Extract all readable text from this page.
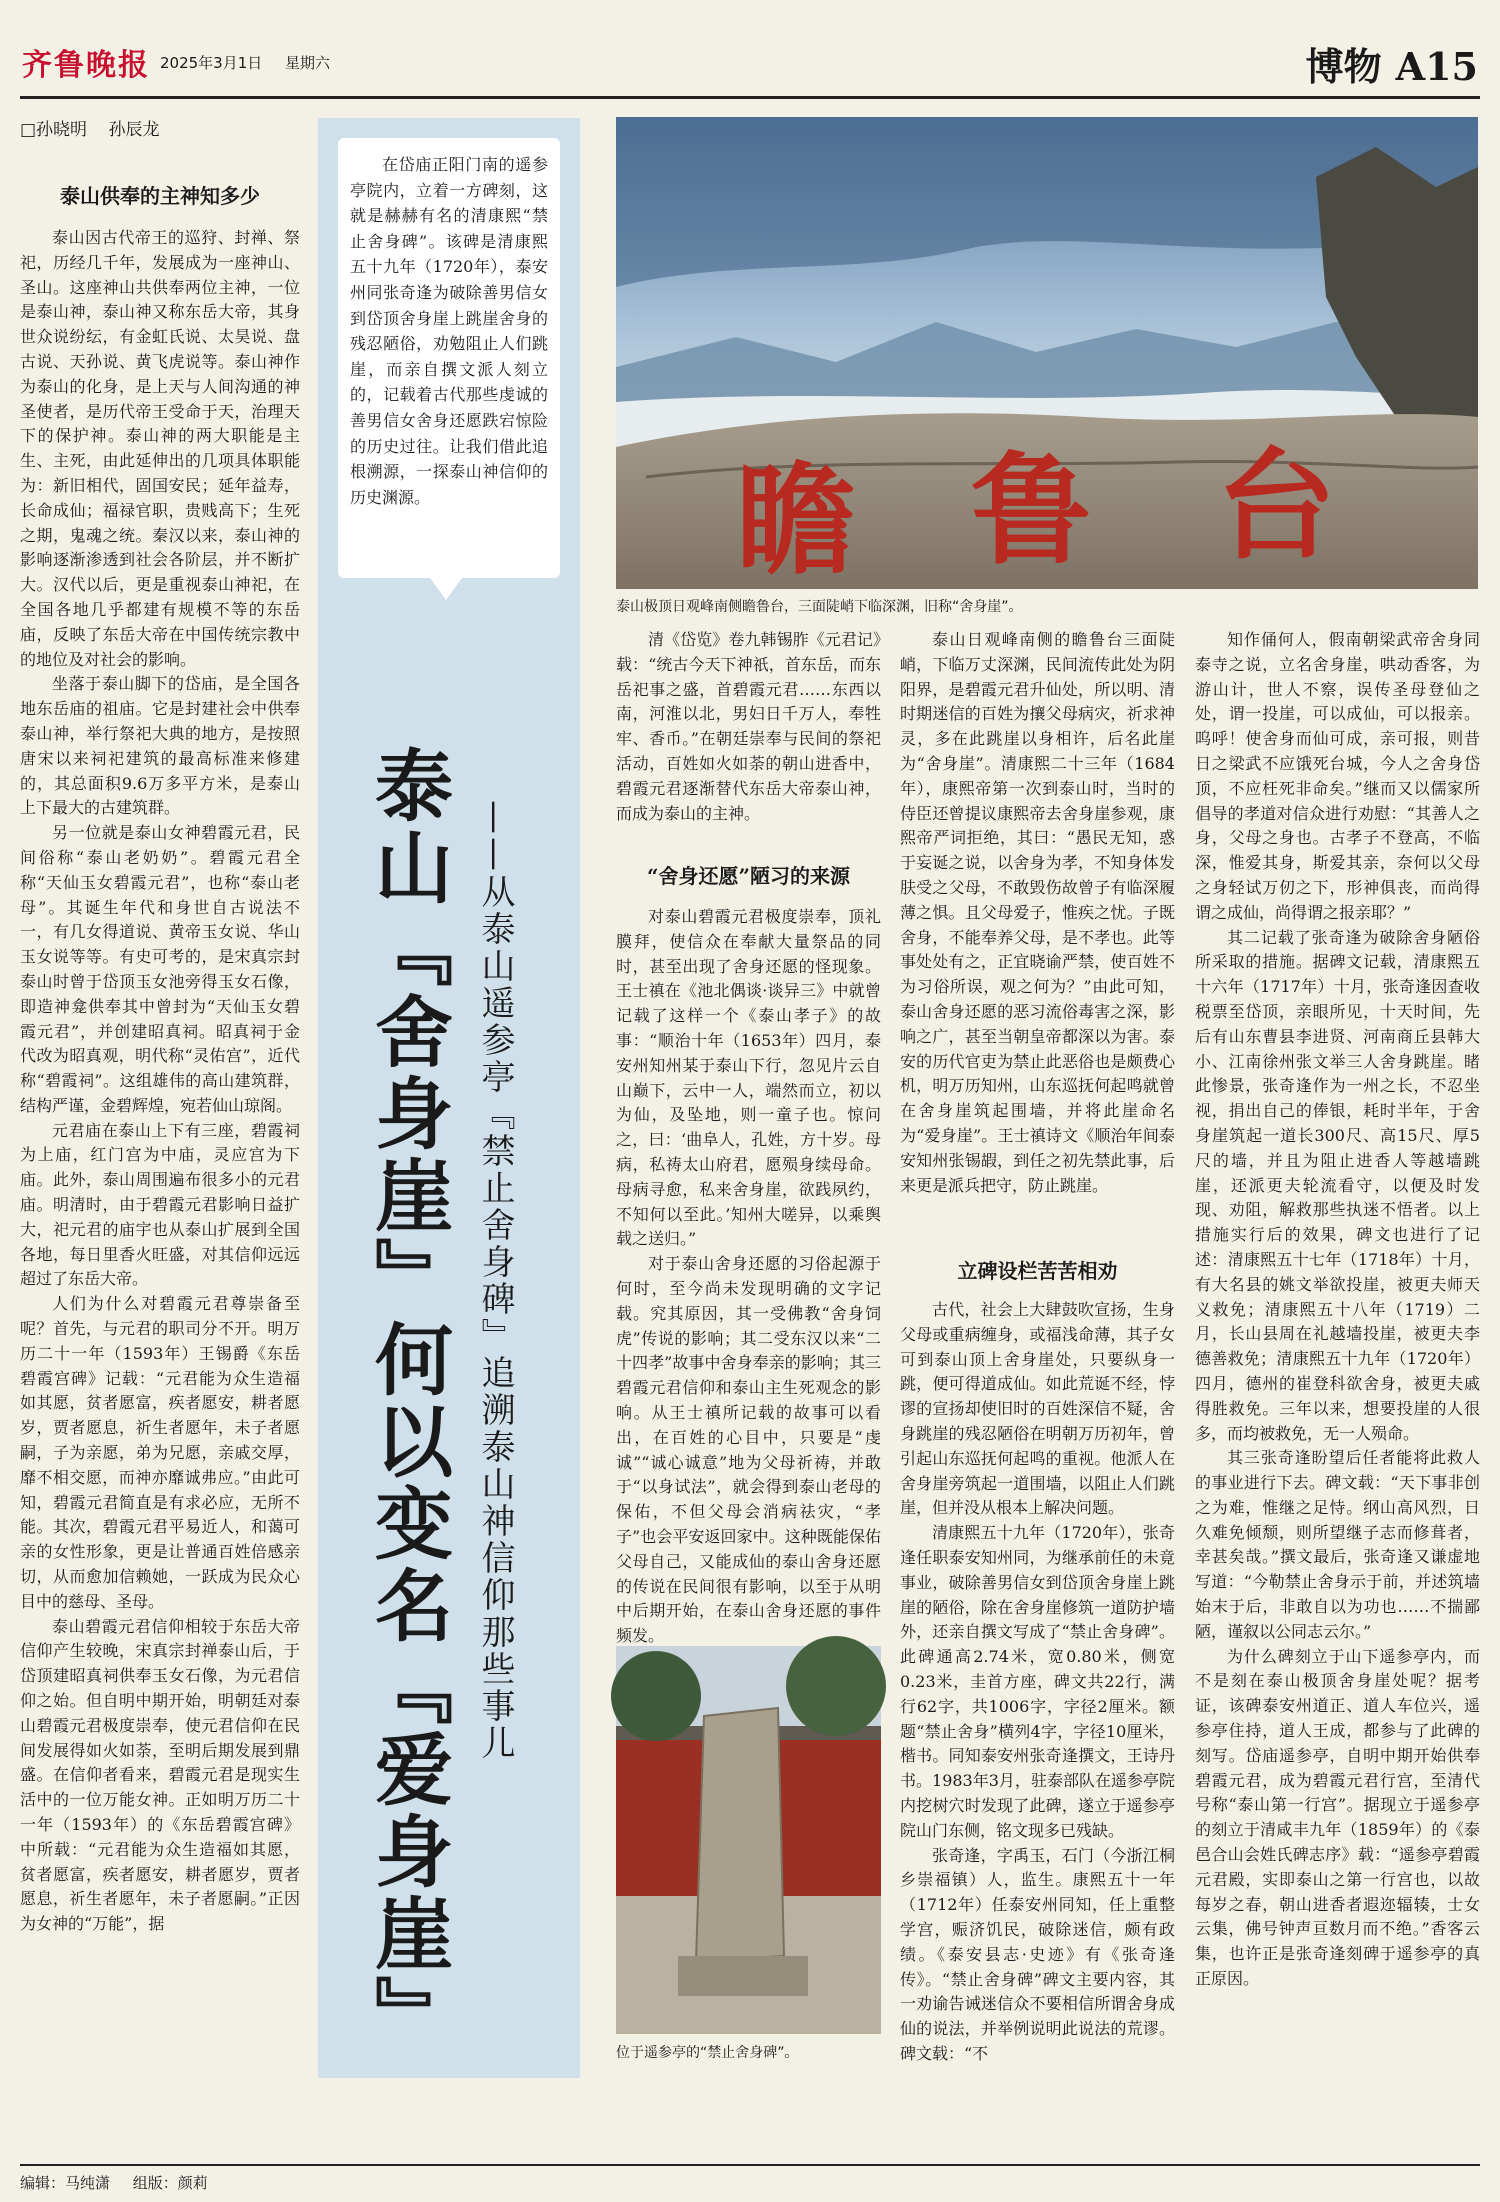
齐鲁晚报 2025年3月1日 星期六	博物 A15
□孙晓明 孙辰龙
泰山供奉的主神知多少

泰山因古代帝王的巡狩、封禅、祭祀，历经几千年，发展成为一座神山、圣山。这座神山共供奉两位主神，一位是泰山神，泰山神又称东岳大帝，其身世众说纷纭，有金虹氏说、太昊说、盘古说、天孙说、黄飞虎说等。泰山神作为泰山的化身，是上天与人间沟通的神圣使者，是历代帝王受命于天，治理天下的保护神。泰山神的两大职能是主生、主死，由此延伸出的几项具体职能为：新旧相代，固国安民；延年益寿，长命成仙；福禄官职，贵贱高下；生死之期，鬼魂之统。秦汉以来，泰山神的影响逐渐渗透到社会各阶层，并不断扩大。汉代以后，更是重视泰山神祀，在全国各地几乎都建有规模不等的东岳庙，反映了东岳大帝在中国传统宗教中的地位及对社会的影响。

坐落于泰山脚下的岱庙，是全国各地东岳庙的祖庙。它是封建社会中供奉泰山神，举行祭祀大典的地方，是按照唐宋以来祠祀建筑的最高标准来修建的，其总面积9.6万多平方米，是泰山上下最大的古建筑群。

另一位就是泰山女神碧霞元君，民间俗称“泰山老奶奶”。碧霞元君全称“天仙玉女碧霞元君”，也称“泰山老母”。其诞生年代和身世自古说法不一，有几女得道说、黄帝玉女说、华山玉女说等等。有史可考的，是宋真宗封泰山时曾于岱顶玉女池旁得玉女石像，即造神龛供奉其中曾封为“天仙玉女碧霞元君”，并创建昭真祠。昭真祠于金代改为昭真观，明代称“灵佑宫”，近代称“碧霞祠”。这组雄伟的高山建筑群，结构严谨，金碧辉煌，宛若仙山琼阁。

元君庙在泰山上下有三座，碧霞祠为上庙，红门宫为中庙，灵应宫为下庙。此外，泰山周围遍布很多小的元君庙。明清时，由于碧霞元君影响日益扩大，祀元君的庙宇也从泰山扩展到全国各地，每日里香火旺盛，对其信仰远远超过了东岳大帝。

人们为什么对碧霞元君尊崇备至呢？首先，与元君的职司分不开。明万历二十一年（1593年）王锡爵《东岳碧霞宫碑》记载：“元君能为众生造福如其愿，贫者愿富，疾者愿安，耕者愿岁，贾者愿息，祈生者愿年，未子者愿嗣，子为亲愿，弟为兄愿，亲戚交厚，靡不相交愿，而神亦靡诚弗应。”由此可知，碧霞元君简直是有求必应，无所不能。其次，碧霞元君平易近人，和蔼可亲的女性形象，更是让普通百姓倍感亲切，从而愈加信赖她，一跃成为民众心目中的慈母、圣母。

泰山碧霞元君信仰相较于东岳大帝信仰产生较晚，宋真宗封禅泰山后，于岱顶建昭真祠供奉玉女石像，为元君信仰之始。但自明中期开始，明朝廷对泰山碧霞元君极度崇奉，使元君信仰在民间发展得如火如荼，至明后期发展到鼎盛。在信仰者看来，碧霞元君是现实生活中的一位万能女神。正如明万历二十一年（1593年）的《东岳碧霞宫碑》中所载：“元君能为众生造福如其愿，贫者愿富，疾者愿安，耕者愿岁，贾者愿息，祈生者愿年，未子者愿嗣。”正因为女神的“万能”，据

在岱庙正阳门南的遥参亭院内，立着一方碑刻，这就是赫赫有名的清康熙“禁止舍身碑”。该碑是清康熙五十九年（1720年），泰安州同张奇逢为破除善男信女到岱顶舍身崖上跳崖舍身的残忍陋俗，劝勉阻止人们跳崖，而亲自撰文派人刻立的，记载着古代那些虔诚的善男信女舍身还愿跌宕惊险的历史过往。让我们借此追根溯源，一探泰山神信仰的历史渊源。
泰山『舍身崖』何以变名『爱身崖』 ——从泰山遥参亭『禁止舍身碑』追溯泰山神信仰那些事儿
瞻 鲁 台
泰山极顶日观峰南侧瞻鲁台，三面陡峭下临深渊，旧称“舍身崖”。

清《岱览》卷九韩锡胙《元君记》载：“统古今天下神祇，首东岳，而东岳祀事之盛，首碧霞元君……东西以南，河淮以北，男妇日千万人，奉牲牢、香币。”在朝廷崇奉与民间的祭祀活动，百姓如火如荼的朝山进香中，碧霞元君逐渐替代东岳大帝泰山神，而成为泰山的主神。

“舍身还愿”陋习的来源

对泰山碧霞元君极度崇奉，顶礼膜拜，使信众在奉献大量祭品的同时，甚至出现了舍身还愿的怪现象。王士禛在《池北偶谈·谈异三》中就曾记载了这样一个《泰山孝子》的故事：“顺治十年（1653年）四月，泰安州知州某于泰山下行，忽见片云自山巅下，云中一人，端然而立，初以为仙，及坠地，则一童子也。惊问之，曰：‘曲阜人，孔姓，方十岁。母病，私祷太山府君，愿殒身续母命。母病寻愈，私来舍身崖，欲践夙约，不知何以至此。’知州大嗟异，以乘舆载之送归。”

对于泰山舍身还愿的习俗起源于何时，至今尚未发现明确的文字记载。究其原因，其一受佛教“舍身饲虎”传说的影响；其二受东汉以来“二十四孝”故事中舍身奉亲的影响；其三碧霞元君信仰和泰山主生死观念的影响。从王士禛所记载的故事可以看出，在百姓的心目中，只要是“虔诚”“诚心诚意”地为父母祈祷，并敢于“以身试法”，就会得到泰山老母的保佑，不但父母会消病祛灾，“孝子”也会平安返回家中。这种既能保佑父母自己，又能成仙的泰山舍身还愿的传说在民间很有影响，以至于从明中后期开始，在泰山舍身还愿的事件频发。

位于遥参亭的“禁止舍身碑”。

泰山日观峰南侧的瞻鲁台三面陡峭，下临万丈深渊，民间流传此处为阴阳界，是碧霞元君升仙处，所以明、清时期迷信的百姓为攘父母病灾，祈求神灵，多在此跳崖以身相许，后名此崖为“舍身崖”。清康熙二十三年（1684年），康熙帝第一次到泰山时，当时的侍臣还曾提议康熙帝去舍身崖参观，康熙帝严词拒绝，其曰：“愚民无知，惑于妄诞之说，以舍身为孝，不知身体发肤受之父母，不敢毁伤故曾子有临深履薄之惧。且父母爱子，惟疾之忧。子既舍身，不能奉养父母，是不孝也。此等事处处有之，正宜晓谕严禁，使百姓不为习俗所误，观之何为？”由此可知，泰山舍身还愿的恶习流俗毒害之深，影响之广，甚至当朝皇帝都深以为害。泰安的历代官吏为禁止此恶俗也是颇费心机，明万历知州，山东巡抚何起鸣就曾在舍身崖筑起围墙，并将此崖命名为“爱身崖”。王士禛诗文《顺治年间泰安知州张锡嘏，到任之初先禁此事，后来更是派兵把守，防止跳崖。

立碑设栏苦苦相劝

古代，社会上大肆鼓吹宣扬，生身父母或重病缠身，或福浅命薄，其子女可到泰山顶上舍身崖处，只要纵身一跳，便可得道成仙。如此荒诞不经，悖谬的宣扬却使旧时的百姓深信不疑，舍身跳崖的残忍陋俗在明朝万历初年，曾引起山东巡抚何起鸣的重视。他派人在舍身崖旁筑起一道围墙，以阻止人们跳崖，但并没从根本上解决问题。

清康熙五十九年（1720年），张奇逢任职泰安知州同，为继承前任的未竟事业，破除善男信女到岱顶舍身崖上跳崖的陋俗，除在舍身崖修筑一道防护墙外，还亲自撰文写成了“禁止舍身碑”。此碑通高2.74米，宽0.80米，侧宽0.23米，圭首方座，碑文共22行，满行62字，共1006字，字径2厘米。额题“禁止舍身”横列4字，字径10厘米，楷书。同知泰安州张奇逢撰文，王诗丹书。1983年3月，驻泰部队在遥参亭院内挖树穴时发现了此碑，遂立于遥参亭院山门东侧，铭文现多已残缺。

张奇逢，字禹玉，石门（今浙江桐乡崇福镇）人，监生。康熙五十一年（1712年）任泰安州同知，任上重整学宫，赈济饥民，破除迷信，颇有政绩。《泰安县志·史迹》有《张奇逢传》。“禁止舍身碑”碑文主要内容，其一劝谕告诫迷信众不要相信所谓舍身成仙的说法，并举例说明此说法的荒谬。碑文载：“不

知作俑何人，假南朝梁武帝舍身同泰寺之说，立名舍身崖，哄动香客，为游山计，世人不察，误传圣母登仙之处，谓一投崖，可以成仙，可以报亲。呜呼！使舍身而仙可成，亲可报，则昔日之梁武不应饿死台城，今人之舍身岱顶，不应枉死非命矣。”继而又以儒家所倡导的孝道对信众进行劝慰：“其善人之身，父母之身也。古孝子不登高，不临深，惟爱其身，斯爱其亲，奈何以父母之身轻试万仞之下，形神俱丧，而尚得谓之成仙，尚得谓之报亲耶？”

其二记载了张奇逢为破除舍身陋俗所采取的措施。据碑文记载，清康熙五十六年（1717年）十月，张奇逢因查收税票至岱顶，亲眼所见，十天时间，先后有山东曹县李进贤、河南商丘县韩大小、江南徐州张文举三人舍身跳崖。睹此惨景，张奇逢作为一州之长，不忍坐视，捐出自己的俸银，耗时半年，于舍身崖筑起一道长300尺、高15尺、厚5尺的墙，并且为阻止进香人等越墙跳崖，还派更夫轮流看守，以便及时发现、劝阻，解救那些执迷不悟者。以上措施实行后的效果，碑文也进行了记述：清康熙五十七年（1718年）十月，有大名县的姚文举欲投崖，被更夫师天义救免；清康熙五十八年（1719）二月，长山县周在礼越墙投崖，被更夫李德善救免；清康熙五十九年（1720年）四月，德州的崔登科欲舍身，被更夫戚得胜救免。三年以来，想要投崖的人很多，而均被救免，无一人殒命。

其三张奇逢盼望后任者能将此救人的事业进行下去。碑文载：“天下事非创之为难，惟继之足恃。纲山高风烈，日久难免倾颓，则所望继子志而修葺者，幸甚矣哉。”撰文最后，张奇逢又谦虚地写道：“今勒禁止舍身示于前，并述筑墙始末于后，非敢自以为功也……不揣鄙陋，谨叙以公同志云尔。”

为什么碑刻立于山下遥参亭内，而不是刻在泰山极顶舍身崖处呢？据考证，该碑泰安州道正、道人车位兴，遥参亭住持，道人王成，都参与了此碑的刻写。岱庙遥参亭，自明中期开始供奉碧霞元君，成为碧霞元君行宫，至清代号称“泰山第一行宫”。据现立于遥参亭的刻立于清咸丰九年（1859年）的《泰邑合山会姓氏碑志序》载：“遥参亭碧霞元君殿，实即泰山之第一行宫也，以故每岁之春，朝山进香者遐迩辐辏，士女云集，佛号钟声亘数月而不绝。”香客云集，也许正是张奇逢刻碑于遥参亭的真正原因。

编辑：马纯潇 组版：颜莉
